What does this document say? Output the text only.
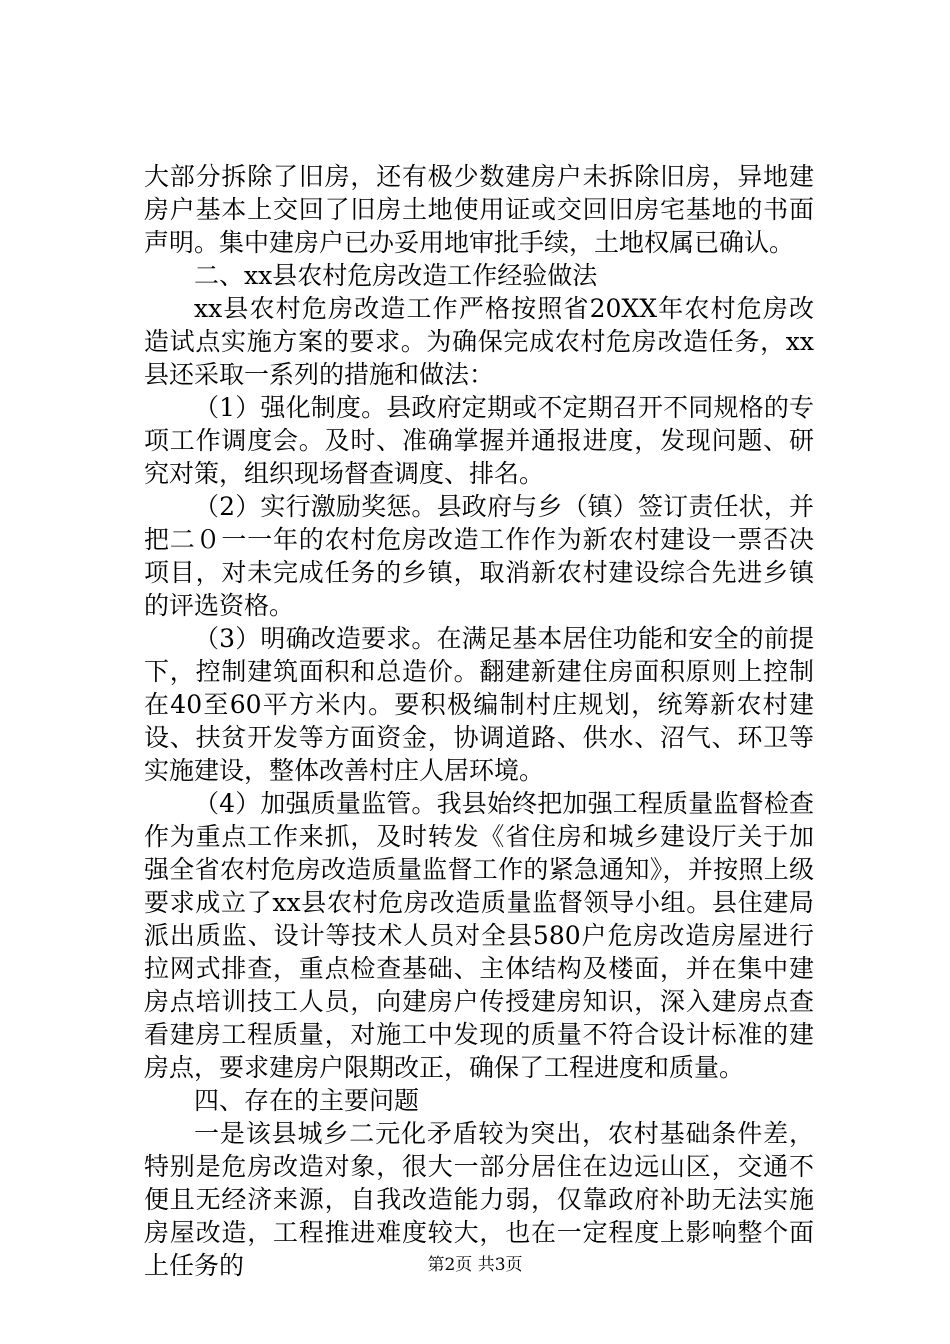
大部分拆除了旧房，还有极少数建房户未拆除旧房，异地建房户基本上交回了旧房土地使用证或交回旧房宅基地的书面声明。集中建房户已办妥用地审批手续，土地权属已确认。

二、xx县农村危房改造工作经验做法

xx县农村危房改造工作严格按照省20XX年农村危房改造试点实施方案的要求。为确保完成农村危房改造任务，xx县还采取一系列的措施和做法：

（1）强化制度。县政府定期或不定期召开不同规格的专项工作调度会。及时、准确掌握并通报进度，发现问题、研究对策，组织现场督查调度、排名。

（2）实行激励奖惩。县政府与乡（镇）签订责任状，并把二０一一年的农村危房改造工作作为新农村建设一票否决项目，对未完成任务的乡镇，取消新农村建设综合先进乡镇的评选资格。

（3）明确改造要求。在满足基本居住功能和安全的前提下，控制建筑面积和总造价。翻建新建住房面积原则上控制在40至60平方米内。要积极编制村庄规划，统筹新农村建设、扶贫开发等方面资金，协调道路、供水、沼气、环卫等实施建设，整体改善村庄人居环境。

（4）加强质量监管。我县始终把加强工程质量监督检查作为重点工作来抓，及时转发《省住房和城乡建设厅关于加强全省农村危房改造质量监督工作的紧急通知》，并按照上级要求成立了xx县农村危房改造质量监督领导小组。县住建局派出质监、设计等技术人员对全县580户危房改造房屋进行拉网式排查，重点检查基础、主体结构及楼面，并在集中建房点培训技工人员，向建房户传授建房知识，深入建房点查看建房工程质量，对施工中发现的质量不符合设计标准的建房点，要求建房户限期改正，确保了工程进度和质量。

四、存在的主要问题

一是该县城乡二元化矛盾较为突出，农村基础条件差，特别是危房改造对象，很大一部分居住在边远山区，交通不便且无经济来源，自我改造能力弱，仅靠政府补助无法实施房屋改造，工程推进难度较大，也在一定程度上影响整个面上任务的	第2页 共3页
